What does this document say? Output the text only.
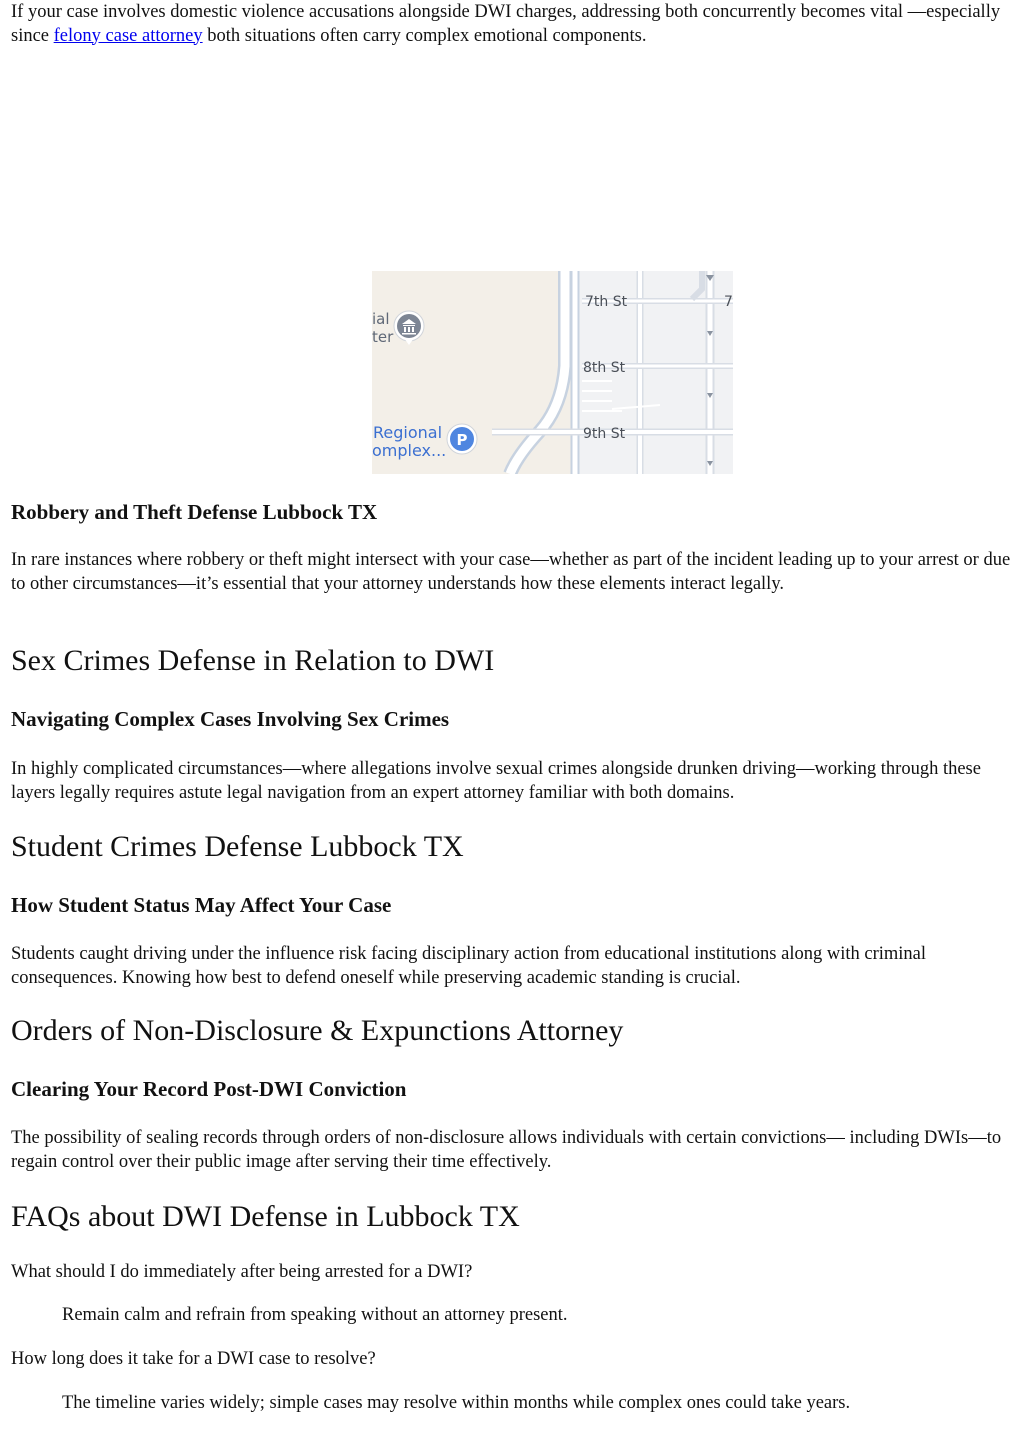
If your case involves domestic violence accusations alongside DWI charges, addressing both concurrently becomes vital —especially since felony case attorney both situations often carry complex emotional components.

Robbery and Theft Defense Lubbock TX

In rare instances where robbery or theft might intersect with your case—whether as part of the incident leading up to your arrest or due to other circumstances—it’s essential that your attorney understands how these elements interact legally.

Sex Crimes Defense in Relation to DWI
Navigating Complex Cases Involving Sex Crimes

In highly complicated circumstances—where allegations involve sexual crimes alongside drunken driving—working through these layers legally requires astute legal navigation from an expert attorney familiar with both domains.

Student Crimes Defense Lubbock TX
How Student Status May Affect Your Case

Students caught driving under the influence risk facing disciplinary action from educational institutions along with criminal consequences. Knowing how best to defend oneself while preserving academic standing is crucial.

Orders of Non-Disclosure & Expunctions Attorney
Clearing Your Record Post-DWI Conviction

The possibility of sealing records through orders of non-disclosure allows individuals with certain convictions— including DWIs—to regain control over their public image after serving their time effectively.

FAQs about DWI Defense in Lubbock TX

What should I do immediately after being arrested for a DWI?

Remain calm and refrain from speaking without an attorney present.

How long does it take for a DWI case to resolve?

The timeline varies widely; simple cases may resolve within months while complex ones could take years.

7th St	7
8th St
9th St
ial
ter
Regional
omplex...
P
